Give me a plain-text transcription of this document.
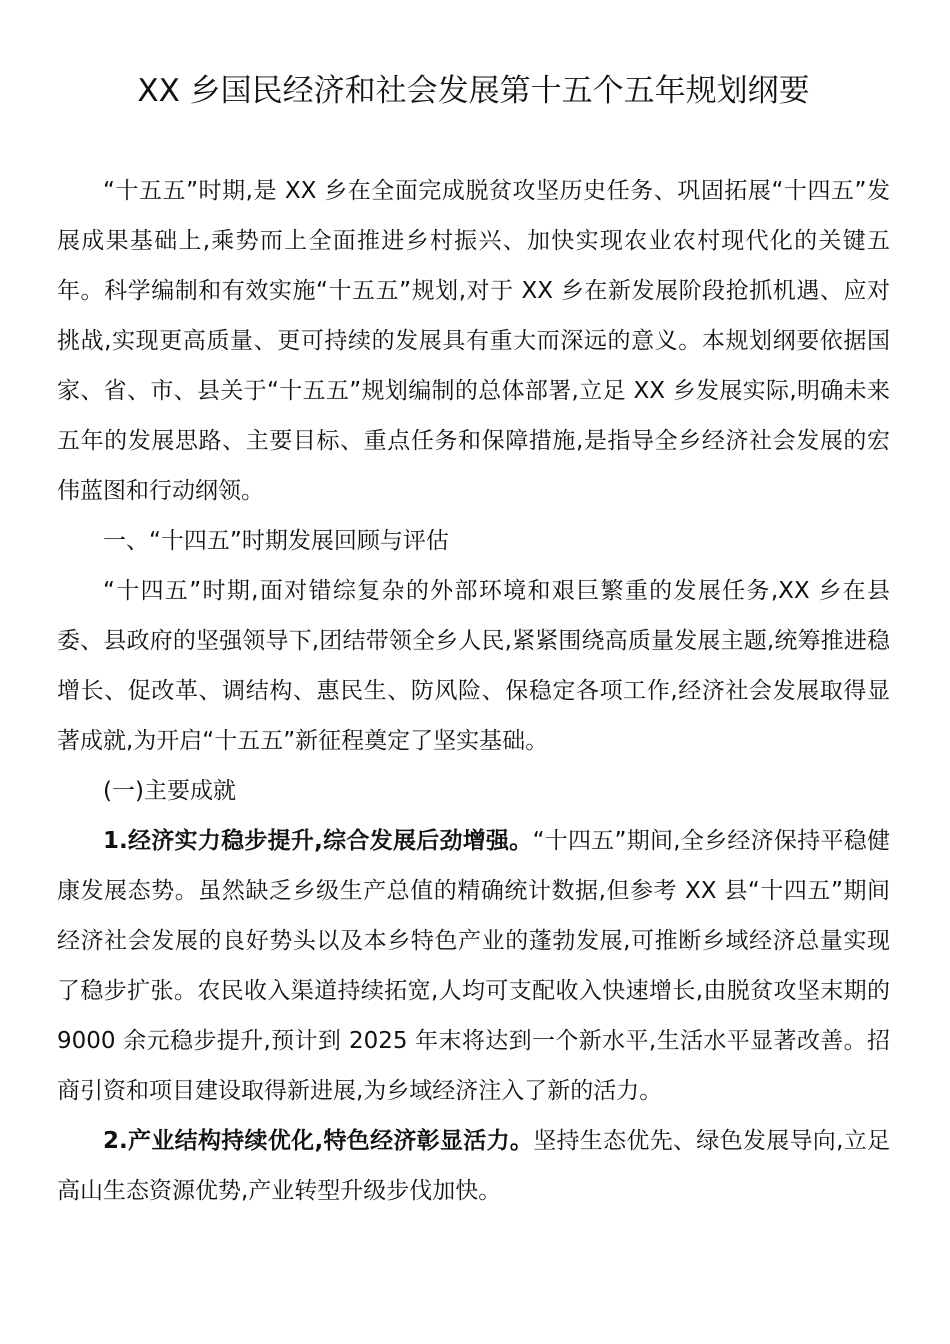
XX 乡国民经济和社会发展第十五个五年规划纲要

“十五五”时期,是 XX 乡在全面完成脱贫攻坚历史任务、巩固拓展“十四五”发展成果基础上,乘势而上全面推进乡村振兴、加快实现农业农村现代化的关键五年。科学编制和有效实施“十五五”规划,对于 XX 乡在新发展阶段抢抓机遇、应对挑战,实现更高质量、更可持续的发展具有重大而深远的意义。本规划纲要依据国家、省、市、县关于“十五五”规划编制的总体部署,立足 XX 乡发展实际,明确未来五年的发展思路、主要目标、重点任务和保障措施,是指导全乡经济社会发展的宏伟蓝图和行动纲领。

一、“十四五”时期发展回顾与评估

“十四五”时期,面对错综复杂的外部环境和艰巨繁重的发展任务,XX 乡在县委、县政府的坚强领导下,团结带领全乡人民,紧紧围绕高质量发展主题,统筹推进稳增长、促改革、调结构、惠民生、防风险、保稳定各项工作,经济社会发展取得显著成就,为开启“十五五”新征程奠定了坚实基础。

(一)主要成就

1.经济实力稳步提升,综合发展后劲增强。“十四五”期间,全乡经济保持平稳健康发展态势。虽然缺乏乡级生产总值的精确统计数据,但参考 XX 县“十四五”期间经济社会发展的良好势头以及本乡特色产业的蓬勃发展,可推断乡域经济总量实现了稳步扩张。农民收入渠道持续拓宽,人均可支配收入快速增长,由脱贫攻坚末期的 9000 余元稳步提升,预计到 2025 年末将达到一个新水平,生活水平显著改善。招商引资和项目建设取得新进展,为乡域经济注入了新的活力。

2.产业结构持续优化,特色经济彰显活力。坚持生态优先、绿色发展导向,立足高山生态资源优势,产业转型升级步伐加快。
